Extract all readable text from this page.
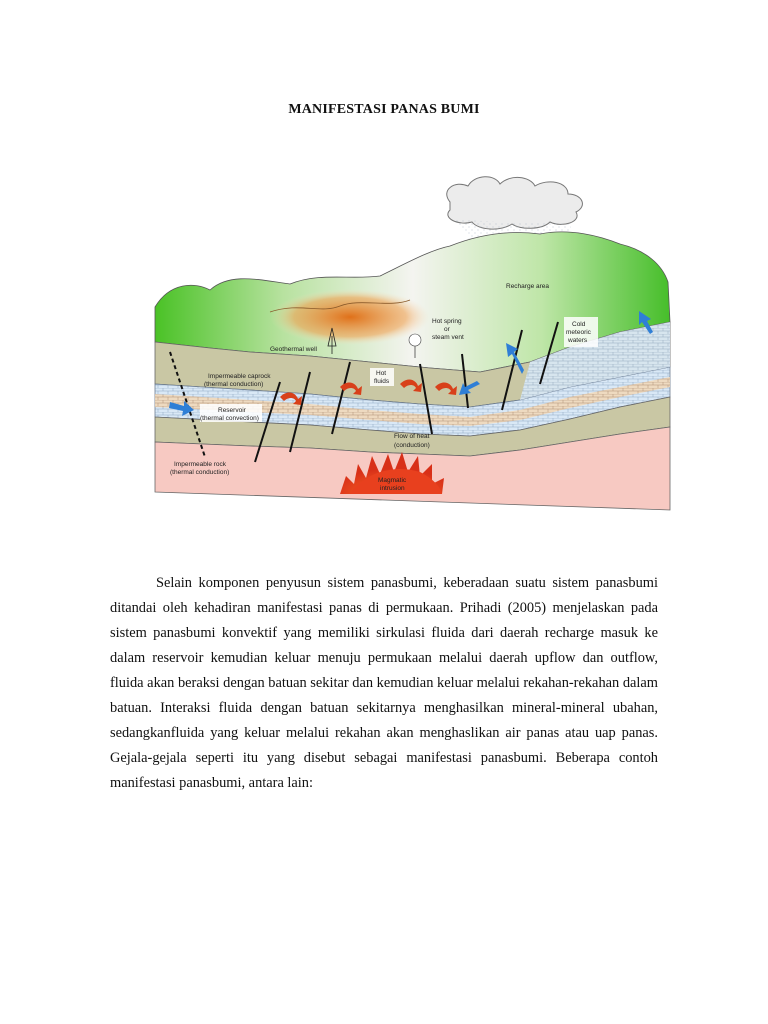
MANIFESTASI PANAS BUMI
Recharge area
Hot spring
or
steam vent
Cold
meteoric
waters
Geothermal well
Impermeable caprock
(thermal conduction)
Hot
fluids
Reservoir
(thermal convection)
Flow of heat
(conduction)
Impermeable rock
(thermal conduction)
Magmatic
intrusion

Selain komponen penyusun sistem panasbumi, keberadaan suatu sistem panasbumi ditandai oleh kehadiran manifestasi panas di permukaan. Prihadi (2005) menjelaskan pada sistem panasbumi konvektif yang memiliki sirkulasi fluida dari daerah recharge masuk ke dalam reservoir kemudian keluar menuju permukaan melalui daerah upflow dan outflow, fluida akan beraksi dengan batuan sekitar dan kemudian keluar melalui rekahan-rekahan dalam batuan. Interaksi fluida dengan batuan sekitarnya menghasilkan mineral-mineral ubahan, sedangkanfluida yang keluar melalui rekahan akan menghaslikan air panas atau uap panas. Gejala-gejala seperti itu yang disebut sebagai manifestasi panasbumi. Beberapa contoh manifestasi panasbumi, antara lain:
